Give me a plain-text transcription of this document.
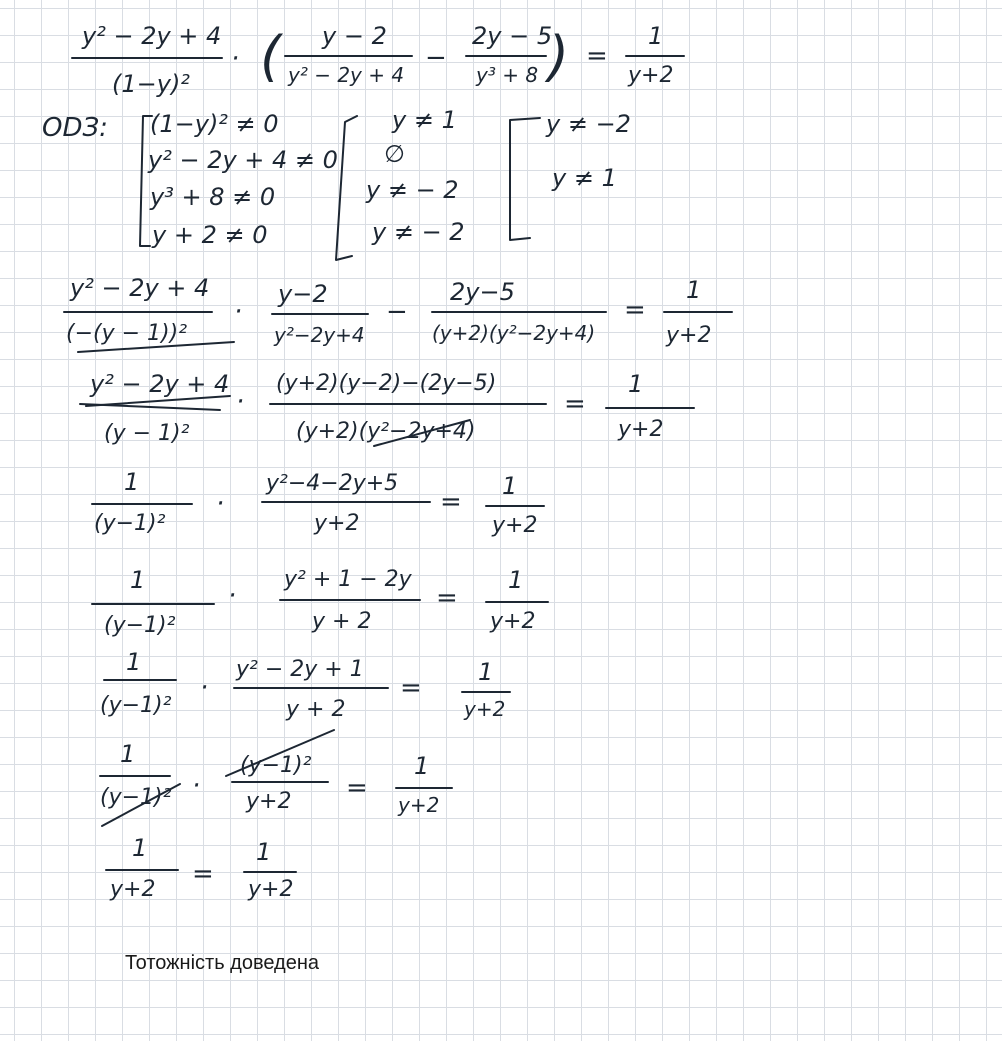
y² − 2y + 4
(1−y)²
· ( y − 2
y² − 2y + 4
−
2y − 5
y³ + 8 ) =
1
y+2
ODЗ: (1−y)² ≠ 0
y² − 2y + 4 ≠ 0
y³ + 8 ≠ 0
y + 2 ≠ 0
y ≠ 1
∅
y ≠ − 2
y ≠ − 2
y ≠ −2
y ≠ 1
y² − 2y + 4
(−(y − 1))²
·
y−2
y²−2y+4
−
2y−5
(y+2)(y²−2y+4)
=
1
y+2
y² − 2y + 4
(y − 1)²
·
(y+2)(y−2)−(2y−5)
(y+2)(y²−2y+4)
=
1
y+2
1
(y−1)²
·
y²−4−2y+5
y+2
=
1
y+2
1
(y−1)²
·
y² + 1 − 2y
y + 2
=
1
y+2
1
(y−1)²
·
y² − 2y + 1
y + 2
=
1
y+2
1
(y−1)² ·
(y−1)²
y+2 =
1
y+2
1
y+2
=
1
y+2
Тотожність доведена
